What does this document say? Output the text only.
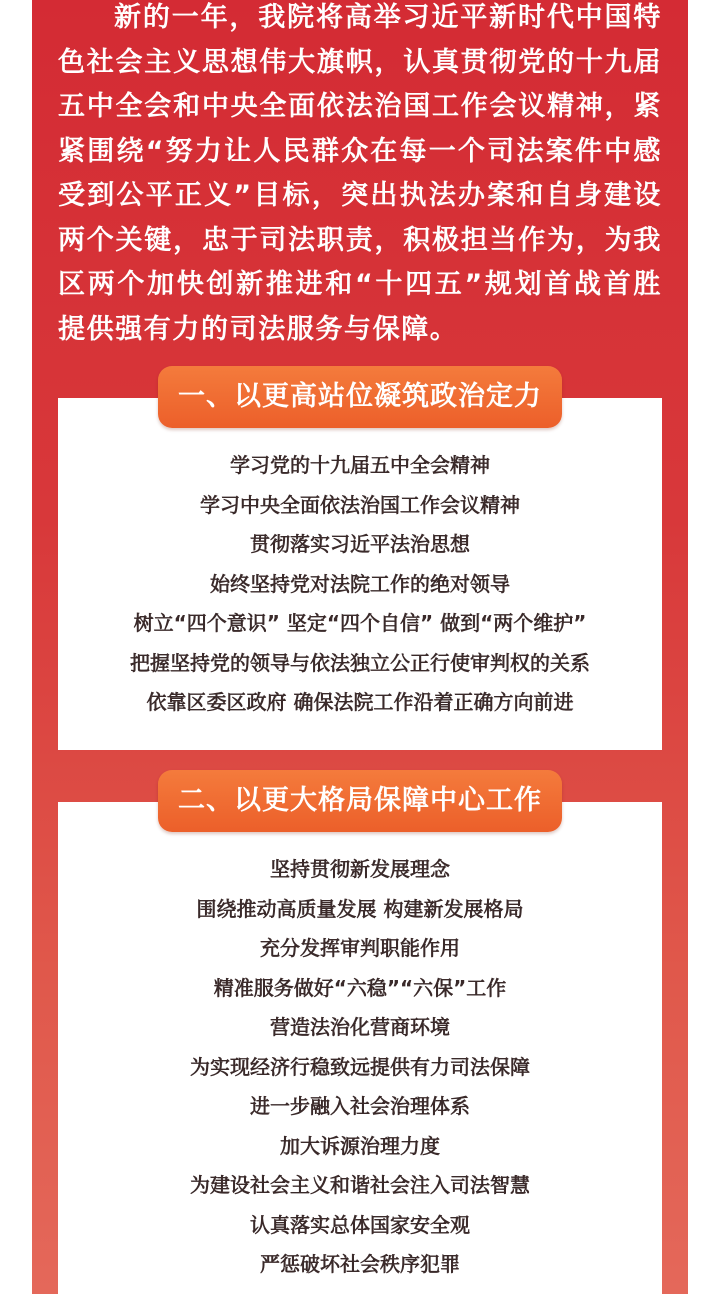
新的一年，我院将高举习近平新时代中国特色社会主义思想伟大旗帜，认真贯彻党的十九届五中全会和中央全面依法治国工作会议精神，紧紧围绕“努力让人民群众在每一个司法案件中感受到公平正义”目标，突出执法办案和自身建设两个关键，忠于司法职责，积极担当作为，为我区两个加快创新推进和“十四五”规划首战首胜提供强有力的司法服务与保障。

学习党的十九届五中全会精神
学习中央全面依法治国工作会议精神
贯彻落实习近平法治思想
始终坚持党对法院工作的绝对领导
树立“四个意识” 坚定“四个自信” 做到“两个维护”
把握坚持党的领导与依法独立公正行使审判权的关系
依靠区委区政府 确保法院工作沿着正确方向前进
一、以更高站位凝筑政治定力
坚持贯彻新发展理念
围绕推动高质量发展 构建新发展格局
充分发挥审判职能作用
精准服务做好“六稳”“六保”工作
营造法治化营商环境
为实现经济行稳致远提供有力司法保障
进一步融入社会治理体系
加大诉源治理力度
为建设社会主义和谐社会注入司法智慧
认真落实总体国家安全观
严惩破坏社会秩序犯罪
二、以更大格局保障中心工作
